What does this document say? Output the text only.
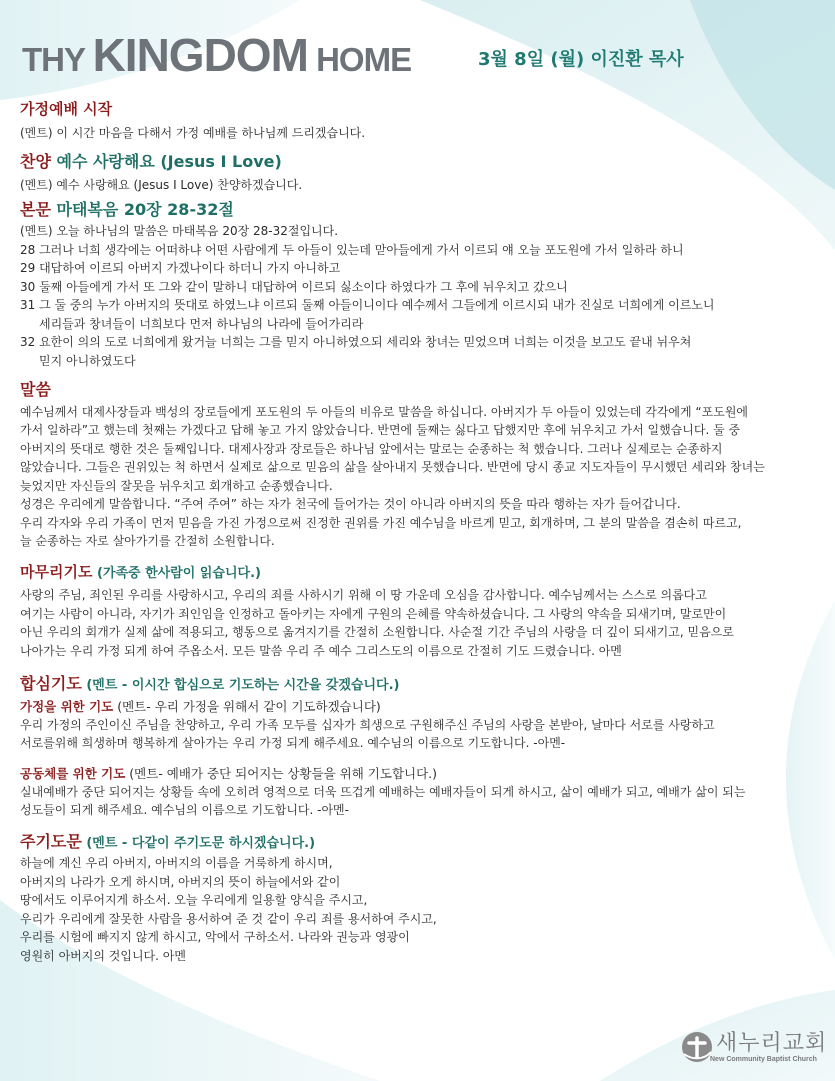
THY KINGDOM HOME	3월 8일 (월) 이진환 목사
가정예배 시작

(멘트) 이 시간 마음을 다해서 가정 예배를 하나님께 드리겠습니다.

찬양 예수 사랑해요 (Jesus I Love)

(멘트) 예수 사랑해요 (Jesus I Love) 찬양하겠습니다.

본문 마태복음 20장 28-32절
(멘트) 오늘 하나님의 말씀은 마태복음 20장 28-32절입니다.
28 그러나 너희 생각에는 어떠하냐 어떤 사람에게 두 아들이 있는데 맏아들에게 가서 이르되 얘 오늘 포도원에 가서 일하라 하니
29 대답하여 이르되 아버지 가겠나이다 하더니 가지 아니하고
30 둘째 아들에게 가서 또 그와 같이 말하니 대답하여 이르되 싫소이다 하였다가 그 후에 뉘우치고 갔으니
31 그 둘 중의 누가 아버지의 뜻대로 하였느냐 이르되 둘째 아들이니이다 예수께서 그들에게 이르시되 내가 진실로 너희에게 이르노니
세리들과 창녀들이 너희보다 먼저 하나님의 나라에 들어가리라
32 요한이 의의 도로 너희에게 왔거늘 너희는 그를 믿지 아니하였으되 세리와 창녀는 믿었으며 너희는 이것을 보고도 끝내 뉘우쳐
믿지 아니하였도다
말씀
예수님께서 대제사장들과 백성의 장로들에게 포도원의 두 아들의 비유로 말씀을 하십니다. 아버지가 두 아들이 있었는데 각각에게 “포도원에
가서 일하라”고 했는데 첫째는 가겠다고 답해 놓고 가지 않았습니다. 반면에 둘째는 싫다고 답했지만 후에 뉘우치고 가서 일했습니다. 둘 중
아버지의 뜻대로 행한 것은 둘째입니다. 대제사장과 장로들은 하나님 앞에서는 말로는 순종하는 척 했습니다. 그러나 실제로는 순종하지
않았습니다. 그들은 권위있는 척 하면서 실제로 삶으로 믿음의 삶을 살아내지 못했습니다. 반면에 당시 종교 지도자들이 무시했던 세리와 창녀는
늦었지만 자신들의 잘못을 뉘우치고 회개하고 순종했습니다.
성경은 우리에게 말씀합니다. “주여 주여” 하는 자가 천국에 들어가는 것이 아니라 아버지의 뜻을 따라 행하는 자가 들어갑니다.
우리 각자와 우리 가족이 먼저 믿음을 가진 가정으로써 진정한 권위를 가진 예수님을 바르게 믿고, 회개하며, 그 분의 말씀을 겸손히 따르고,
늘 순종하는 자로 살아가기를 간절히 소원합니다.
마무리기도 (가족중 한사람이 읽습니다.)
사랑의 주님, 죄인된 우리를 사랑하시고, 우리의 죄를 사하시기 위해 이 땅 가운데 오심을 감사합니다. 예수님께서는 스스로 의롭다고
여기는 사람이 아니라, 자기가 죄인임을 인정하고 돌아키는 자에게 구원의 은혜를 약속하셨습니다. 그 사랑의 약속을 되새기며, 말로만이
아닌 우리의 회개가 실제 삶에 적용되고, 행동으로 옮겨지기를 간절히 소원합니다. 사순절 기간 주님의 사랑을 더 깊이 되새기고, 믿음으로
나아가는 우리 가정 되게 하여 주옵소서. 모든 말씀 우리 주 예수 그리스도의 이름으로 간절히 기도 드렸습니다. 아멘
합심기도 (멘트 - 이시간 합심으로 기도하는 시간을 갖겠습니다.)
가정을 위한 기도 (멘트- 우리 가정을 위해서 같이 기도하겠습니다)
우리 가정의 주인이신 주님을 찬양하고, 우리 가족 모두를 십자가 희생으로 구원해주신 주님의 사랑을 본받아, 날마다 서로를 사랑하고
서로를위해 희생하며 행복하게 살아가는 우리 가정 되게 해주세요. 예수님의 이름으로 기도합니다. -아멘-
공동체를 위한 기도 (멘트- 예배가 중단 되어지는 상황들을 위해 기도합니다.)
실내예배가 중단 되어지는 상황들 속에 오히려 영적으로 더욱 뜨겁게 예배하는 예배자들이 되게 하시고, 삶이 예배가 되고, 예배가 삶이 되는
성도들이 되게 해주세요. 예수님의 이름으로 기도합니다. -아멘-
주기도문 (멘트 - 다같이 주기도문 하시겠습니다.)
하늘에 계신 우리 아버지, 아버지의 이름을 거룩하게 하시며,
아버지의 나라가 오게 하시며, 아버지의 뜻이 하늘에서와 같이
땅에서도 이루어지게 하소서. 오늘 우리에게 일용할 양식을 주시고,
우리가 우리에게 잘못한 사람을 용서하여 준 것 같이 우리 죄를 용서하여 주시고,
우리를 시험에 빠지지 않게 하시고, 악에서 구하소서. 나라와 권능과 영광이
영원히 아버지의 것입니다. 아멘
새누리교회
New Community Baptist Church
